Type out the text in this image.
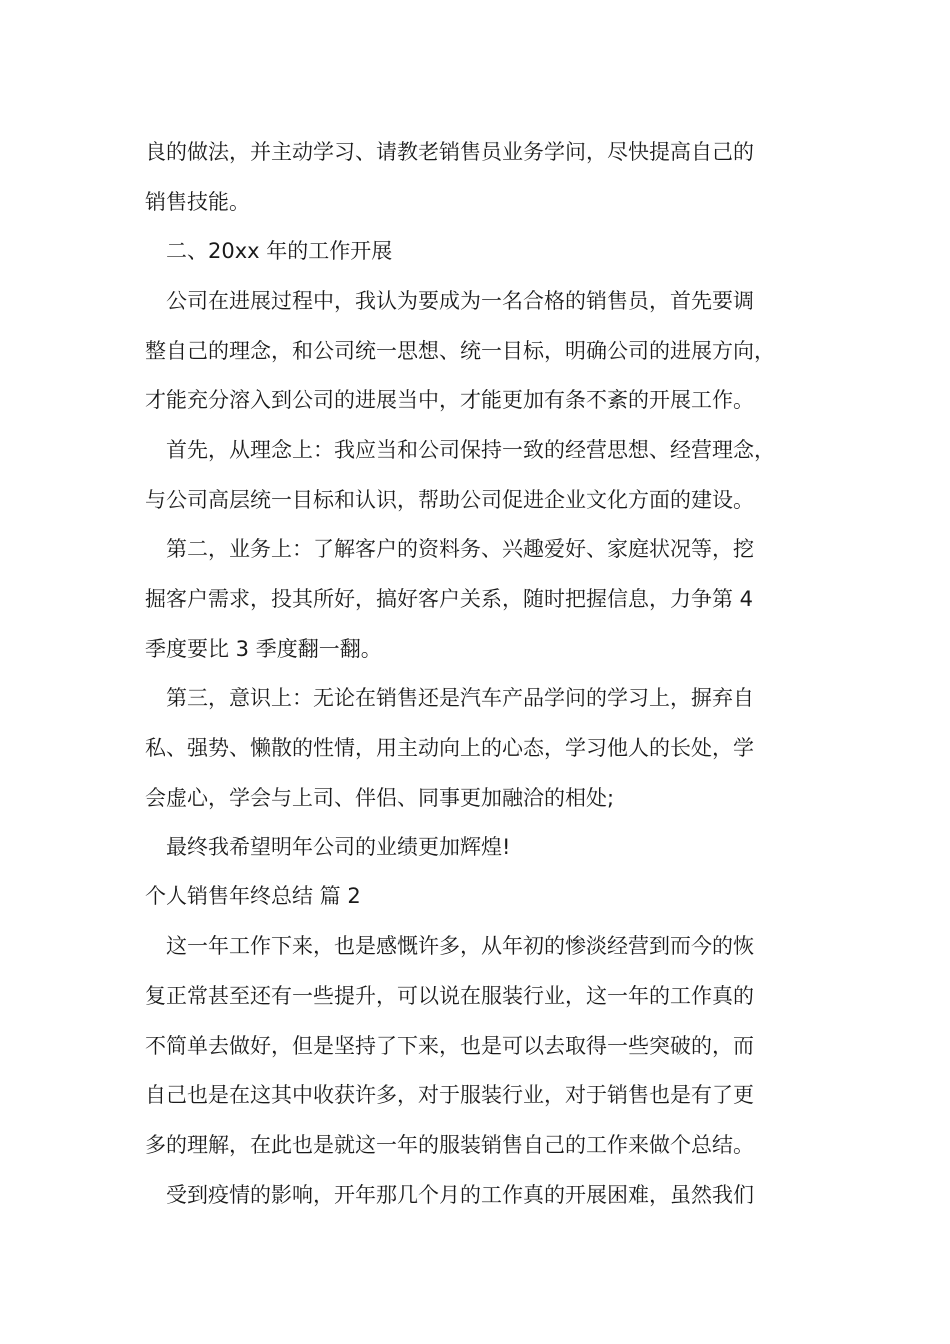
良的做法，并主动学习、请教老销售员业务学问，尽快提高自己的

销售技能。

二、20xx 年的工作开展

公司在进展过程中，我认为要成为一名合格的销售员，首先要调

整自己的理念，和公司统一思想、统一目标，明确公司的进展方向，

才能充分溶入到公司的进展当中，才能更加有条不紊的开展工作。

首先，从理念上：我应当和公司保持一致的经营思想、经营理念，

与公司高层统一目标和认识，帮助公司促进企业文化方面的建设。

第二，业务上：了解客户的资料务、兴趣爱好、家庭状况等，挖

掘客户需求，投其所好，搞好客户关系，随时把握信息，力争第 4

季度要比 3 季度翻一翻。

第三，意识上：无论在销售还是汽车产品学问的学习上，摒弃自

私、强势、懒散的性情，用主动向上的心态，学习他人的长处，学

会虚心，学会与上司、伴侣、同事更加融洽的相处;

最终我希望明年公司的业绩更加辉煌!

个人销售年终总结 篇 2

这一年工作下来，也是感慨许多，从年初的惨淡经营到而今的恢

复正常甚至还有一些提升，可以说在服装行业，这一年的工作真的

不简单去做好，但是坚持了下来，也是可以去取得一些突破的，而

自己也是在这其中收获许多，对于服装行业，对于销售也是有了更

多的理解，在此也是就这一年的服装销售自己的工作来做个总结。

受到疫情的影响，开年那几个月的工作真的开展困难，虽然我们
